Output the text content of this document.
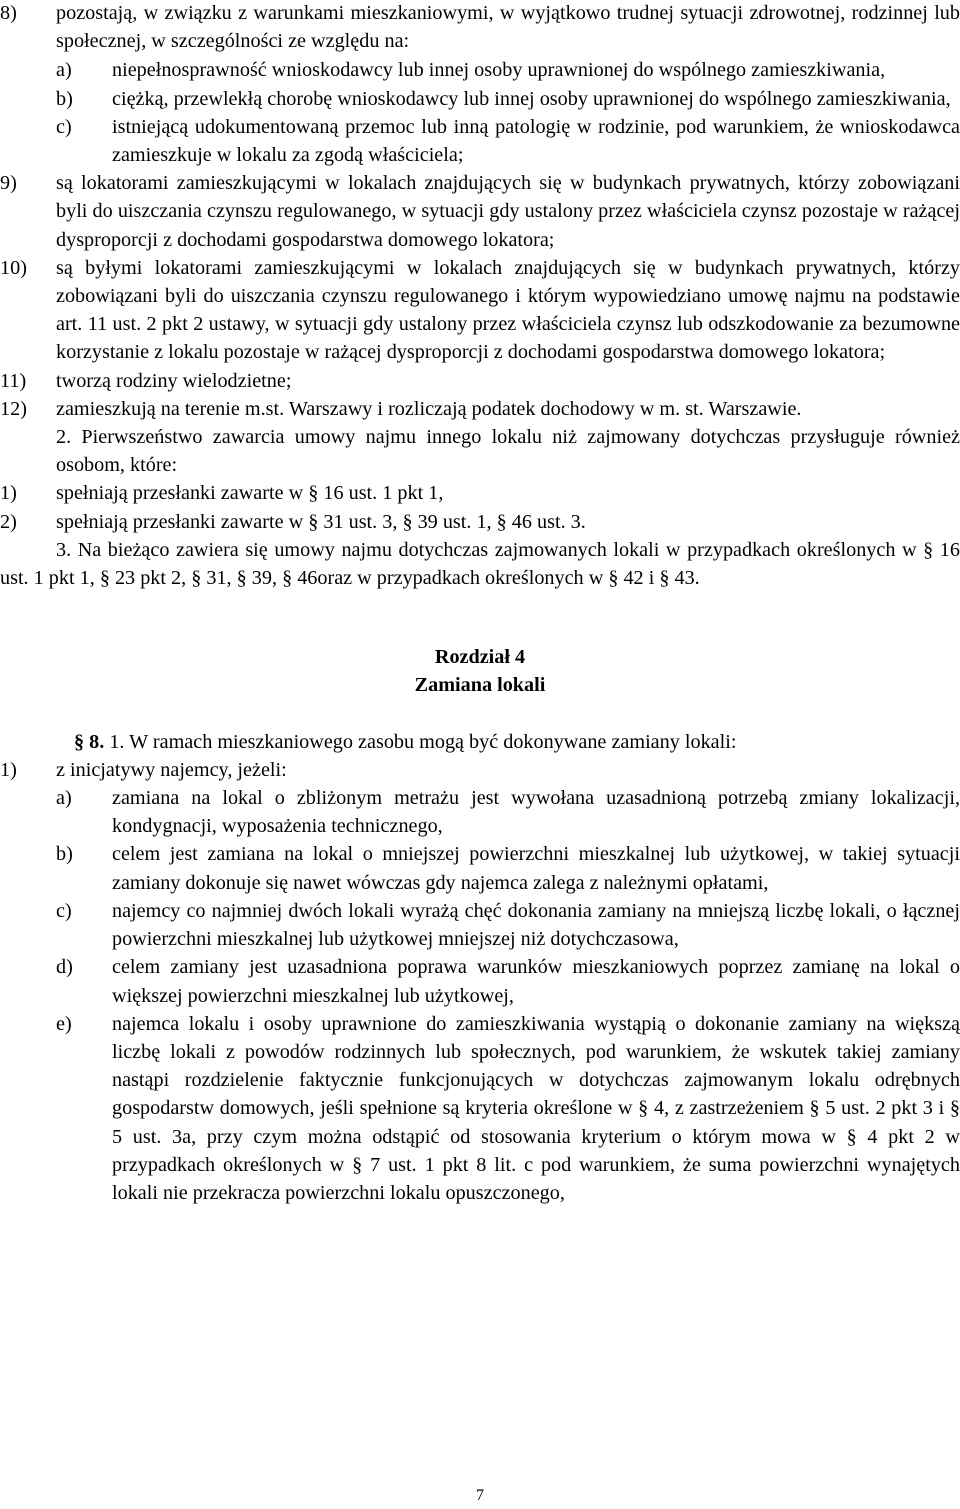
8) pozostają, w związku z warunkami mieszkaniowymi, w wyjątkowo trudnej sytuacji zdrowotnej, rodzinnej lub społecznej, w szczególności ze względu na:
a) niepełnosprawność wnioskodawcy lub innej osoby uprawnionej do wspólnego zamieszkiwania,
b) ciężką, przewlekłą chorobę wnioskodawcy lub innej osoby uprawnionej do wspólnego zamieszkiwania,
c) istniejącą udokumentowaną przemoc lub inną patologię w rodzinie, pod warunkiem, że wnioskodawca zamieszkuje w lokalu za zgodą właściciela;
9) są lokatorami zamieszkującymi w lokalach znajdujących się w budynkach prywatnych, którzy zobowiązani byli do uiszczania czynszu regulowanego, w sytuacji gdy ustalony przez właściciela czynsz pozostaje w rażącej dysproporcji z dochodami gospodarstwa domowego lokatora;
10) są byłymi lokatorami zamieszkującymi w lokalach znajdujących się w budynkach prywatnych, którzy zobowiązani byli do uiszczania czynszu regulowanego i którym wypowiedziano umowę najmu na podstawie art. 11 ust. 2 pkt 2 ustawy, w sytuacji gdy ustalony przez właściciela czynsz lub odszkodowanie za bezumowne korzystanie z lokalu pozostaje w rażącej dysproporcji z dochodami gospodarstwa domowego lokatora;
11) tworzą rodziny wielodzietne;
12) zamieszkują na terenie m.st. Warszawy i rozliczają podatek dochodowy w m. st. Warszawie.
2. Pierwszeństwo zawarcia umowy najmu innego lokalu niż zajmowany dotychczas przysługuje również osobom, które:
1) spełniają przesłanki zawarte w § 16 ust. 1 pkt 1,
2) spełniają przesłanki zawarte w § 31 ust. 3, § 39 ust. 1, § 46 ust. 3.
3. Na bieżąco zawiera się umowy najmu dotychczas zajmowanych lokali w przypadkach określonych w § 16 ust. 1 pkt 1, § 23 pkt 2, § 31, § 39, § 46oraz w przypadkach określonych w § 42 i § 43.
Rozdział 4
Zamiana lokali
§ 8. 1. W ramach mieszkaniowego zasobu mogą być dokonywane zamiany lokali:
1) z inicjatywy najemcy, jeżeli:
a) zamiana na lokal o zbliżonym metrażu jest wywołana uzasadnioną potrzebą zmiany lokalizacji, kondygnacji, wyposażenia technicznego,
b) celem jest zamiana na lokal o mniejszej powierzchni mieszkalnej lub użytkowej, w takiej sytuacji zamiany dokonuje się nawet wówczas gdy najemca zalega z należnymi opłatami,
c) najemcy co najmniej dwóch lokali wyrażą chęć dokonania zamiany na mniejszą liczbę lokali, o łącznej powierzchni mieszkalnej lub użytkowej mniejszej niż dotychczasowa,
d) celem zamiany jest uzasadniona poprawa warunków mieszkaniowych poprzez zamianę na lokal o większej powierzchni mieszkalnej lub użytkowej,
e) najemca lokalu i osoby uprawnione do zamieszkiwania wystąpią o dokonanie zamiany na większą liczbę lokali z powodów rodzinnych lub społecznych, pod warunkiem, że wskutek takiej zamiany nastąpi rozdzielenie faktycznie funkcjonujących w dotychczas zajmowanym lokalu odrębnych gospodarstw domowych, jeśli spełnione są kryteria określone w § 4, z zastrzeżeniem § 5 ust. 2 pkt 3 i § 5 ust. 3a, przy czym można odstąpić od stosowania kryterium o którym mowa w § 4 pkt 2 w przypadkach określonych w § 7 ust. 1 pkt 8 lit. c pod warunkiem, że suma powierzchni wynajętych lokali nie przekracza powierzchni lokalu opuszczonego,
7
